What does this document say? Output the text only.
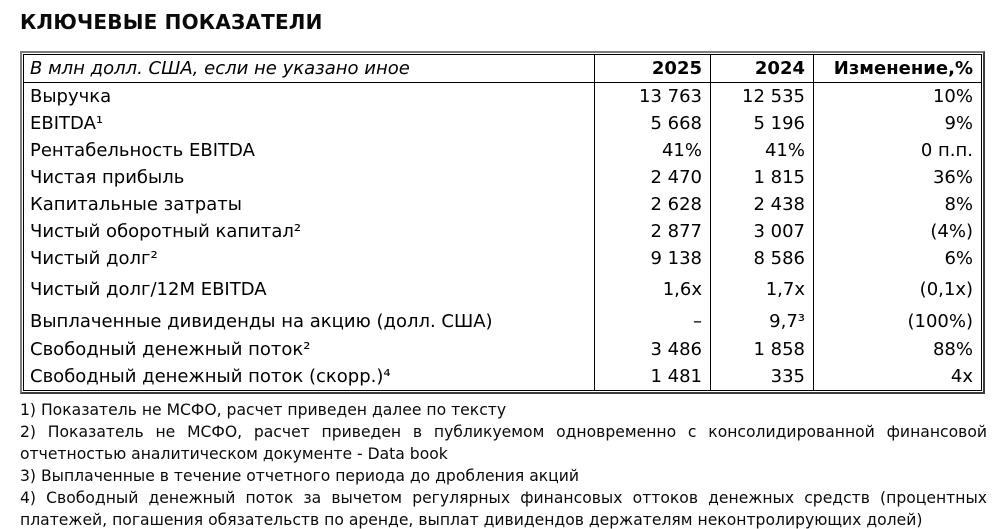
КЛЮЧЕВЫЕ ПОКАЗАТЕЛИ
В млн долл. США, если не указано иное	2025	2024	Изменение,%
Выручка	13 763	12 535	10%
EBITDA¹	5 668	5 196	9%
Рентабельность EBITDA	41%	41%	0 п.п.
Чистая прибыль	2 470	1 815	36%
Капитальные затраты	2 628	2 438	8%
Чистый оборотный капитал²	2 877	3 007	(4%)
Чистый долг²	9 138	8 586	6%
Чистый долг/12M EBITDA	1,6x	1,7x	(0,1x)
Выплаченные дивиденды на акцию (долл. США)	–	9,7³	(100%)
Свободный денежный поток²	3 486	1 858	88%
Свободный денежный поток (скорр.)⁴	1 481	335	4x

1) Показатель не МСФО, расчет приведен далее по тексту

2) Показатель не МСФО, расчет приведен в публикуемом одновременно с консолидированной финансовой отчетностью аналитическом документе - Data book

3) Выплаченные в течение отчетного периода до дробления акций

4) Свободный денежный поток за вычетом регулярных финансовых оттоков денежных средств (процентных платежей, погашения обязательств по аренде, выплат дивидендов держателям неконтролирующих долей)
